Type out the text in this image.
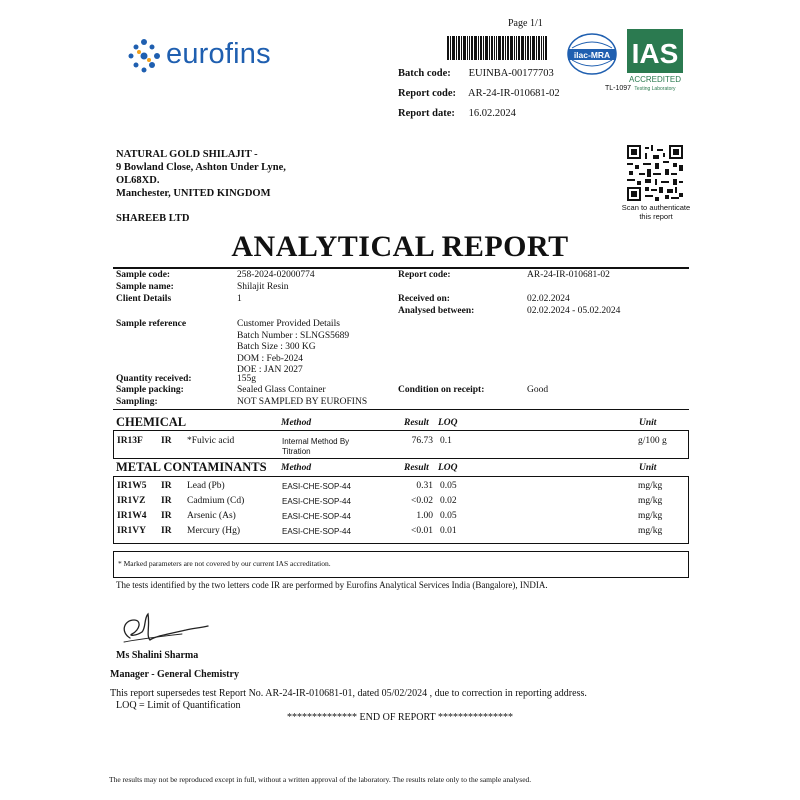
Page 1/1
eurofins
Batch code: EUINBA-00177703
Report code: AR-24-IR-010681-02
Report date: 16.02.2024
ilac-MRA IAS
ACCREDITED
Testing Laboratory
TL-1097
NATURAL GOLD SHILAJIT -
9 Bowland Close, Ashton Under Lyne,
OL68XD.
Manchester, UNITED KINGDOM
SHAREEB LTD
Scan to authenticate
this report
ANALYTICAL REPORT
Sample code:	258-2024-02000774	Report code:	AR-24-IR-010681-02
Sample name:	Shilajit Resin
Client Details	1	Received on:	02.02.2024
Analysed between:	02.02.2024 - 05.02.2024
Sample reference	Customer Provided Details
Batch Number : SLNGS5689
Batch Size : 300 KG
DOM : Feb-2024
DOE : JAN 2027
Quantity received:	155g
Sample packing:	Sealed Glass Container	Condition on receipt:	Good
Sampling:	NOT SAMPLED BY EUROFINS
CHEMICAL	Method	Result LOQ	Unit
IR13F IR *Fulvic acid	Internal Method By
Titration
76.73 0.1	g/100 g
METAL CONTAMINANTS Method	Result LOQ	Unit
IR1W5 IR Lead (Pb)	EASI-CHE-SOP-44	0.31 0.05	mg/kg
IR1VZ IR Cadmium (Cd)	EASI-CHE-SOP-44	<0.02 0.02	mg/kg
IR1W4 IR Arsenic (As)	EASI-CHE-SOP-44	1.00 0.05	mg/kg
IR1VY IR Mercury (Hg)	EASI-CHE-SOP-44	<0.01 0.01	mg/kg
* Marked parameters are not covered by our current IAS accreditation.
The tests identified by the two letters code IR are performed by Eurofins Analytical Services India (Bangalore), INDIA.
Ms Shalini Sharma
Manager - General Chemistry
This report supersedes test Report No. AR-24-IR-010681-01, dated 05/02/2024 , due to correction in reporting address.
LOQ = Limit of Quantification
************** END OF REPORT ***************
The results may not be reproduced except in full, without a written approval of the laboratory. The results relate only to the sample analysed.
